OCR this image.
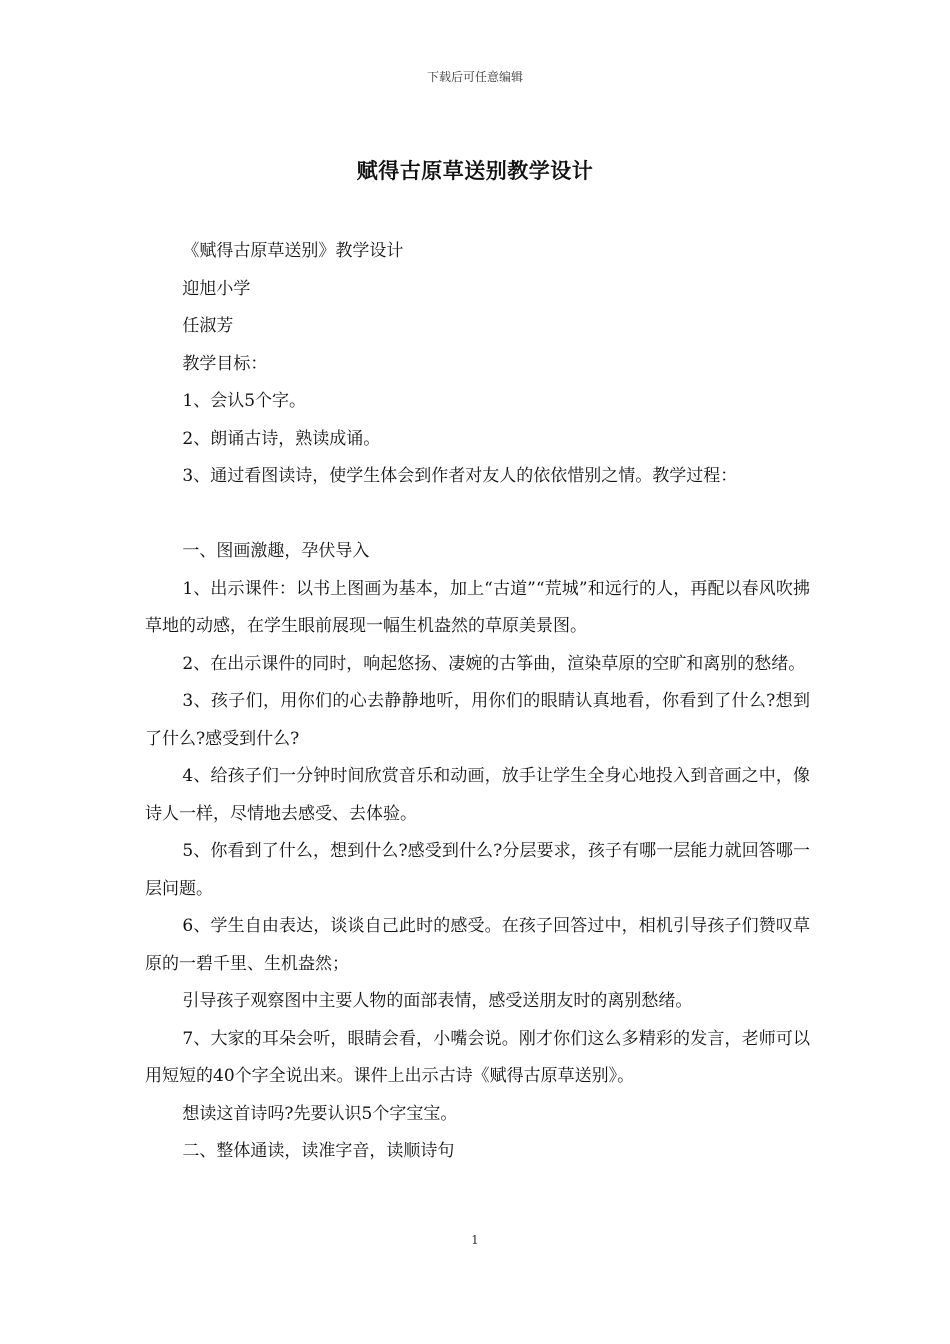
下载后可任意编辑
赋得古原草送别教学设计

《赋得古原草送别》教学设计

迎旭小学

任淑芳

教学目标：

1、会认5个字。

2、朗诵古诗，熟读成诵。

3、通过看图读诗，使学生体会到作者对友人的依依惜别之情。教学过程：

一、图画激趣，孕伏导入

1、出示课件：以书上图画为基本，加上“古道”“荒城”和远行的人，再配以春风吹拂草地的动感，在学生眼前展现一幅生机盎然的草原美景图。

2、在出示课件的同时，响起悠扬、凄婉的古筝曲，渲染草原的空旷和离别的愁绪。

3、孩子们，用你们的心去静静地听，用你们的眼睛认真地看，你看到了什么?想到了什么?感受到什么?

4、给孩子们一分钟时间欣赏音乐和动画，放手让学生全身心地投入到音画之中，像诗人一样，尽情地去感受、去体验。

5、你看到了什么，想到什么?感受到什么?分层要求，孩子有哪一层能力就回答哪一层问题。

6、学生自由表达，谈谈自己此时的感受。在孩子回答过中，相机引导孩子们赞叹草原的一碧千里、生机盎然；

引导孩子观察图中主要人物的面部表情，感受送朋友时的离别愁绪。

7、大家的耳朵会听，眼睛会看，小嘴会说。刚才你们这么多精彩的发言，老师可以用短短的40个字全说出来。课件上出示古诗《赋得古原草送别》。

想读这首诗吗?先要认识5个字宝宝。

二、整体通读，读准字音，读顺诗句

1
